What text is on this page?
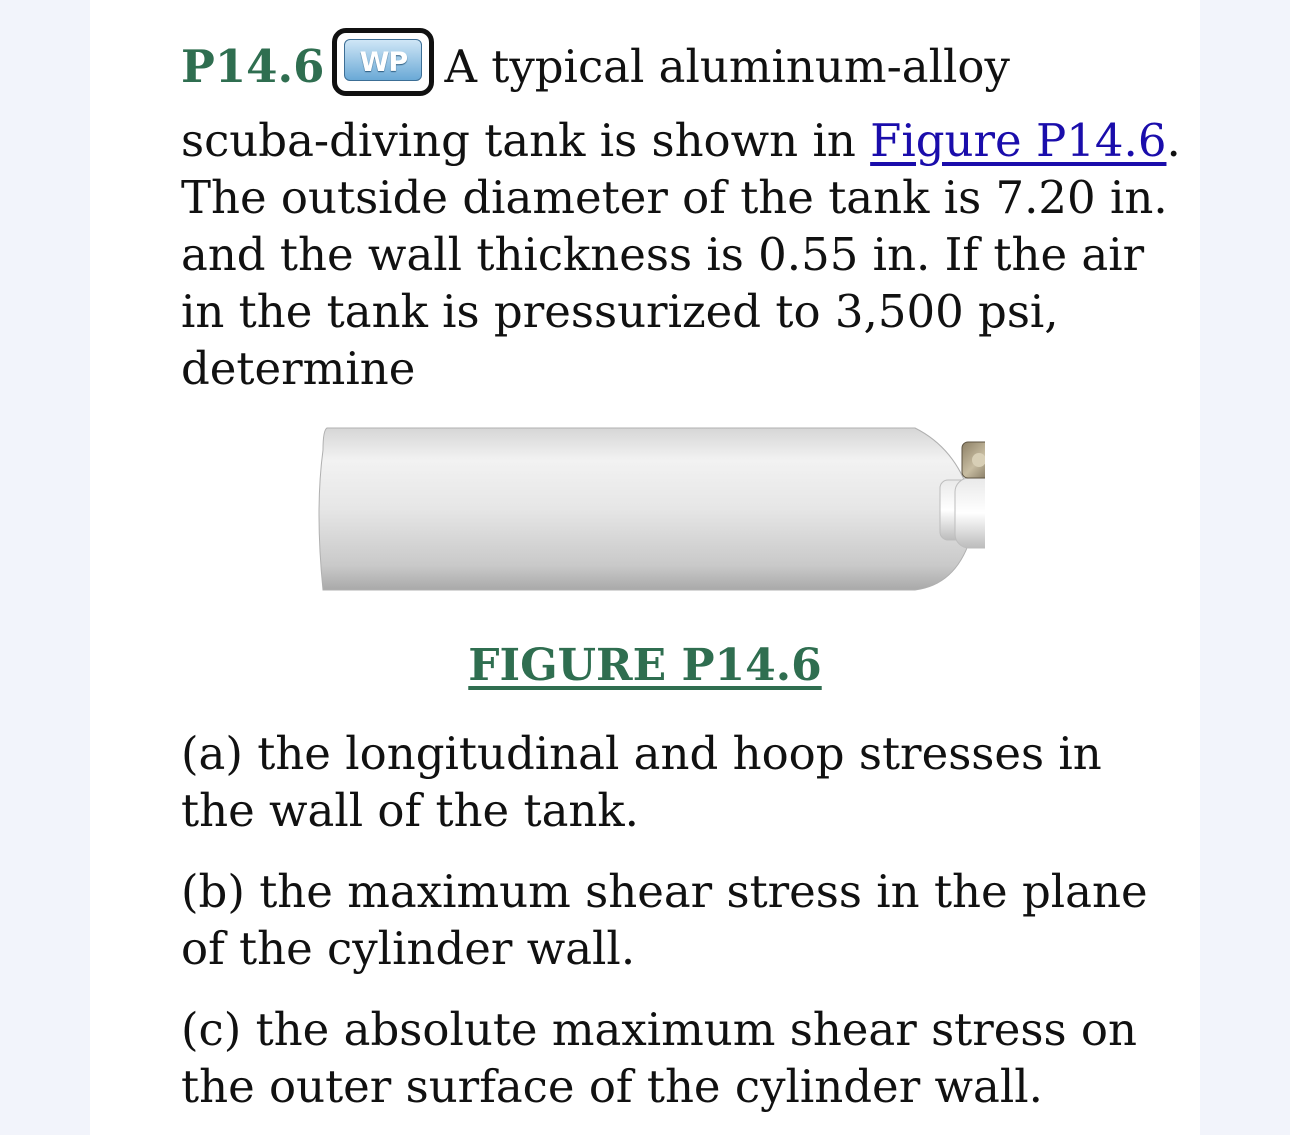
P14.6	WP A typical aluminum-alloy
scuba-diving tank is shown in Figure P14.6. The outside diameter of the tank is 7.20 in. and the wall thickness is 0.55 in. If the air in the tank is pressurized to 3,500 psi, determine
FIGURE P14.6
(a) the longitudinal and hoop stresses in the wall of the tank.
(b) the maximum shear stress in the plane of the cylinder wall.
(c) the absolute maximum shear stress on the outer surface of the cylinder wall.
